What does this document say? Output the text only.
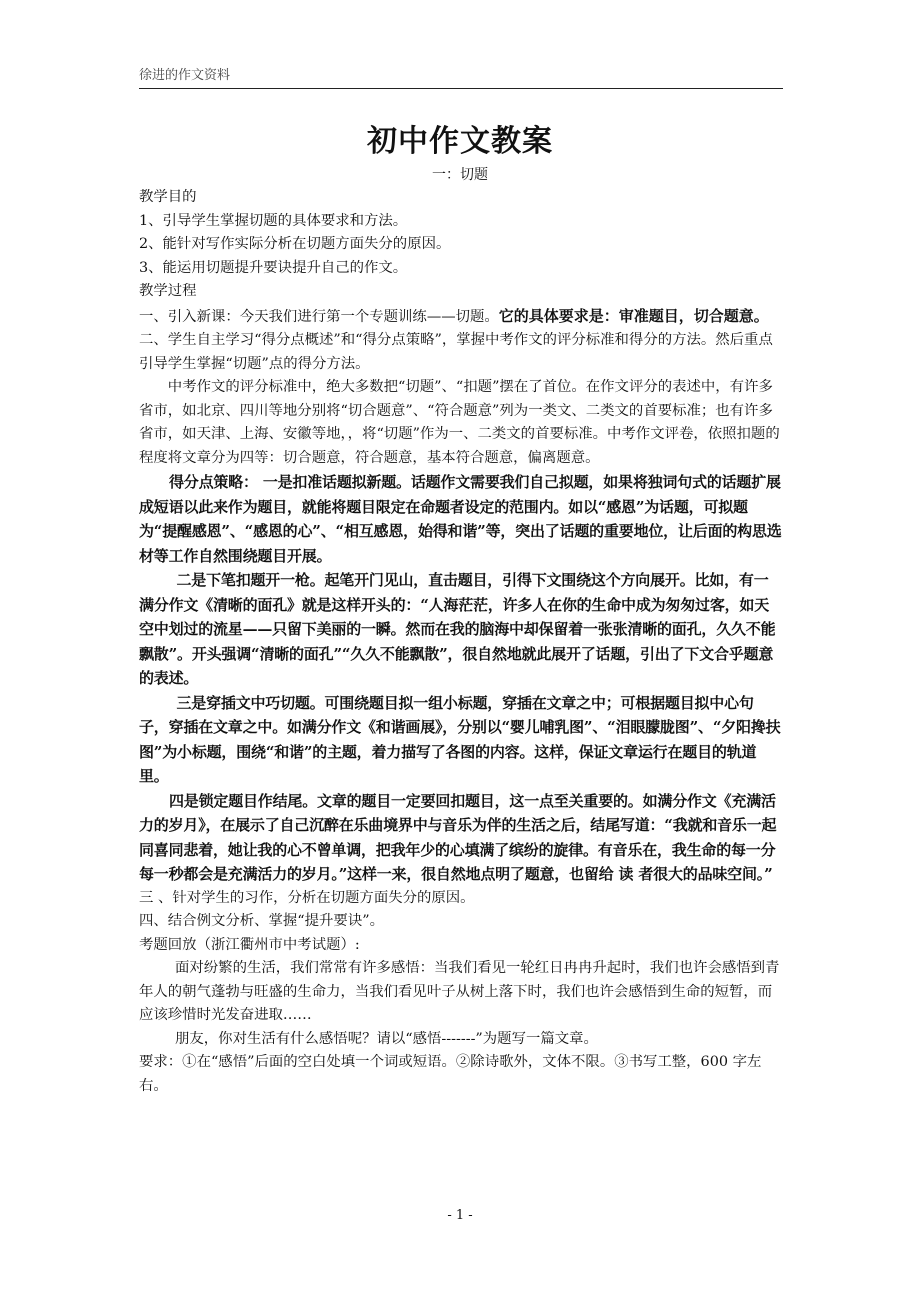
徐进的作文资料
初中作文教案
一：切题

教学目的

1、引导学生掌握切题的具体要求和方法。

2、能针对写作实际分析在切题方面失分的原因。

3、能运用切题提升要诀提升自己的作文。

教学过程

一、引入新课：今天我们进行第一个专题训练——切题。它的具体要求是：审准题目，切合题意。

二、学生自主学习“得分点概述”和“得分点策略”，掌握中考作文的评分标准和得分的方法。然后重点引导学生掌握“切题”点的得分方法。

中考作文的评分标准中，绝大多数把“切题”、“扣题”摆在了首位。在作文评分的表述中，有许多省市，如北京、四川等地分别将“切合题意”、“符合题意”列为一类文、二类文的首要标准；也有许多省市，如天津、上海、安徽等地，，将“切题”作为一、二类文的首要标准。中考作文评卷，依照扣题的程度将文章分为四等：切合题意，符合题意，基本符合题意，偏离题意。

得分点策略： 一是扣准话题拟新题。话题作文需要我们自己拟题，如果将独词句式的话题扩展成短语以此来作为题目，就能将题目限定在命题者设定的范围内。如以“感恩”为话题，可拟题为“提醒感恩”、“感恩的心”、“相互感恩，始得和谐”等，突出了话题的重要地位，让后面的构思选材等工作自然围绕题目开展。

二是下笔扣题开一枪。起笔开门见山，直击题目，引得下文围绕这个方向展开。比如，有一满分作文《清晰的面孔》就是这样开头的：“人海茫茫，许多人在你的生命中成为匆匆过客，如天空中划过的流星——只留下美丽的一瞬。然而在我的脑海中却保留着一张张清晰的面孔，久久不能飘散”。开头强调“清晰的面孔”“久久不能飘散”，很自然地就此展开了话题，引出了下文合乎题意的表述。

三是穿插文中巧切题。可围绕题目拟一组小标题，穿插在文章之中；可根据题目拟中心句子，穿插在文章之中。如满分作文《和谐画展》，分别以“婴儿哺乳图”、“泪眼朦胧图”、“夕阳搀扶图”为小标题，围绕“和谐”的主题，着力描写了各图的内容。这样，保证文章运行在题目的轨道里。

四是锁定题目作结尾。文章的题目一定要回扣题目，这一点至关重要的。如满分作文《充满活力的岁月》，在展示了自己沉醉在乐曲境界中与音乐为伴的生活之后，结尾写道：“我就和音乐一起同喜同悲着，她让我的心不曾单调，把我年少的心填满了缤纷的旋律。有音乐在，我生命的每一分每一秒都会是充满活力的岁月。”这样一来，很自然地点明了题意，也留给 读 者很大的品味空间。”

三 、针对学生的习作，分析在切题方面失分的原因。

四、结合例文分析、掌握“提升要诀”。

考题回放（浙江衢州市中考试题）:

面对纷繁的生活，我们常常有许多感悟：当我们看见一轮红日冉冉升起时，我们也许会感悟到青年人的朝气蓬勃与旺盛的生命力，当我们看见叶子从树上落下时，我们也许会感悟到生命的短暂，而应该珍惜时光发奋进取……

朋友，你对生活有什么感悟呢？请以“感悟-------”为题写一篇文章。

要求：①在“感悟”后面的空白处填一个词或短语。②除诗歌外，文体不限。③书写工整，600 字左右。

- 1 -
